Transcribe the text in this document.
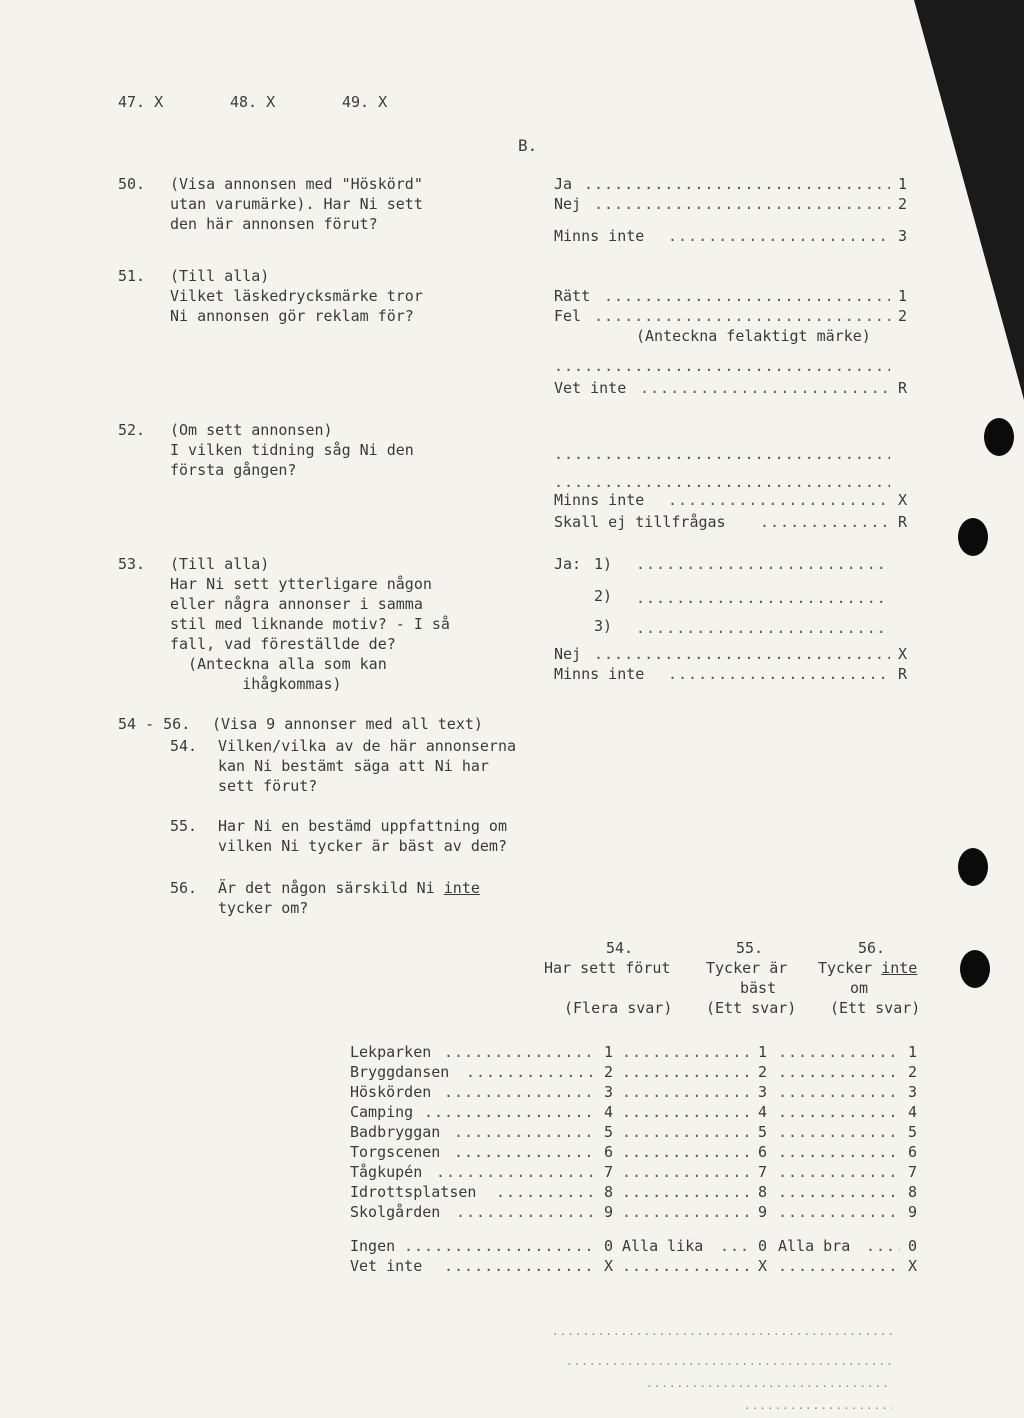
47. X	48. X	49. X
B.
50. (Visa annonsen med "Höskörd"
utan varumärke). Har Ni sett
den här annonsen förut?
Ja .....	1
Nej .....	2
Minns inte .....	3
51. (Till alla)
Vilket läskedrycksmärke tror
Ni annonsen gör reklam för?
Rätt .....	1
Fel .....	2
(Anteckna felaktigt märke)
.....
Vet inte .....	R
52. (Om sett annonsen)
I vilken tidning såg Ni den
första gången?
.....
.....
Minns inte .....	X
Skall ej tillfrågas .....	R
53. (Till alla)
Har Ni sett ytterligare någon
eller några annonser i samma
stil med liknande motiv? - I så
fall, vad föreställde de?
(Anteckna alla som kan
ihågkommas)
Ja: 1)
.....
2)
.....
3)
.....
Nej .....	X
Minns inte .....	R
54 - 56. (Visa 9 annonser med all text)
54. Vilken/vilka av de här annonserna
kan Ni bestämt säga att Ni har
sett förut?
55. Har Ni en bestämd uppfattning om
vilken Ni tycker är bäst av dem?
56. Är det någon särskild Ni inte
tycker om?
54.
Har sett förut
(Flera svar)
55.
Tycker är
bäst
(Ett svar)
56.
Tycker inte
om
(Ett svar)
Lekparken .....	1 .....	1 .....	1
Bryggdansen .....	2 .....	2 .....	2
Höskörden .....	3 .....	3 .....	3
Camping .....	4 .....	4 .....	4
Badbryggan .....	5 .....	5 .....	5
Torgscenen .....	6 .....	6 .....	6
Tågkupén .....	7 .....	7 .....	7
Idrottsplatsen .....	8 .....	8 .....	8
Skolgården .....	9 .....	9 .....	9
Ingen .....	0 Alla lika .....	0 Alla bra .....	0
Vet inte .....	X .....	X .....	X
.....
.....
.....
.....
